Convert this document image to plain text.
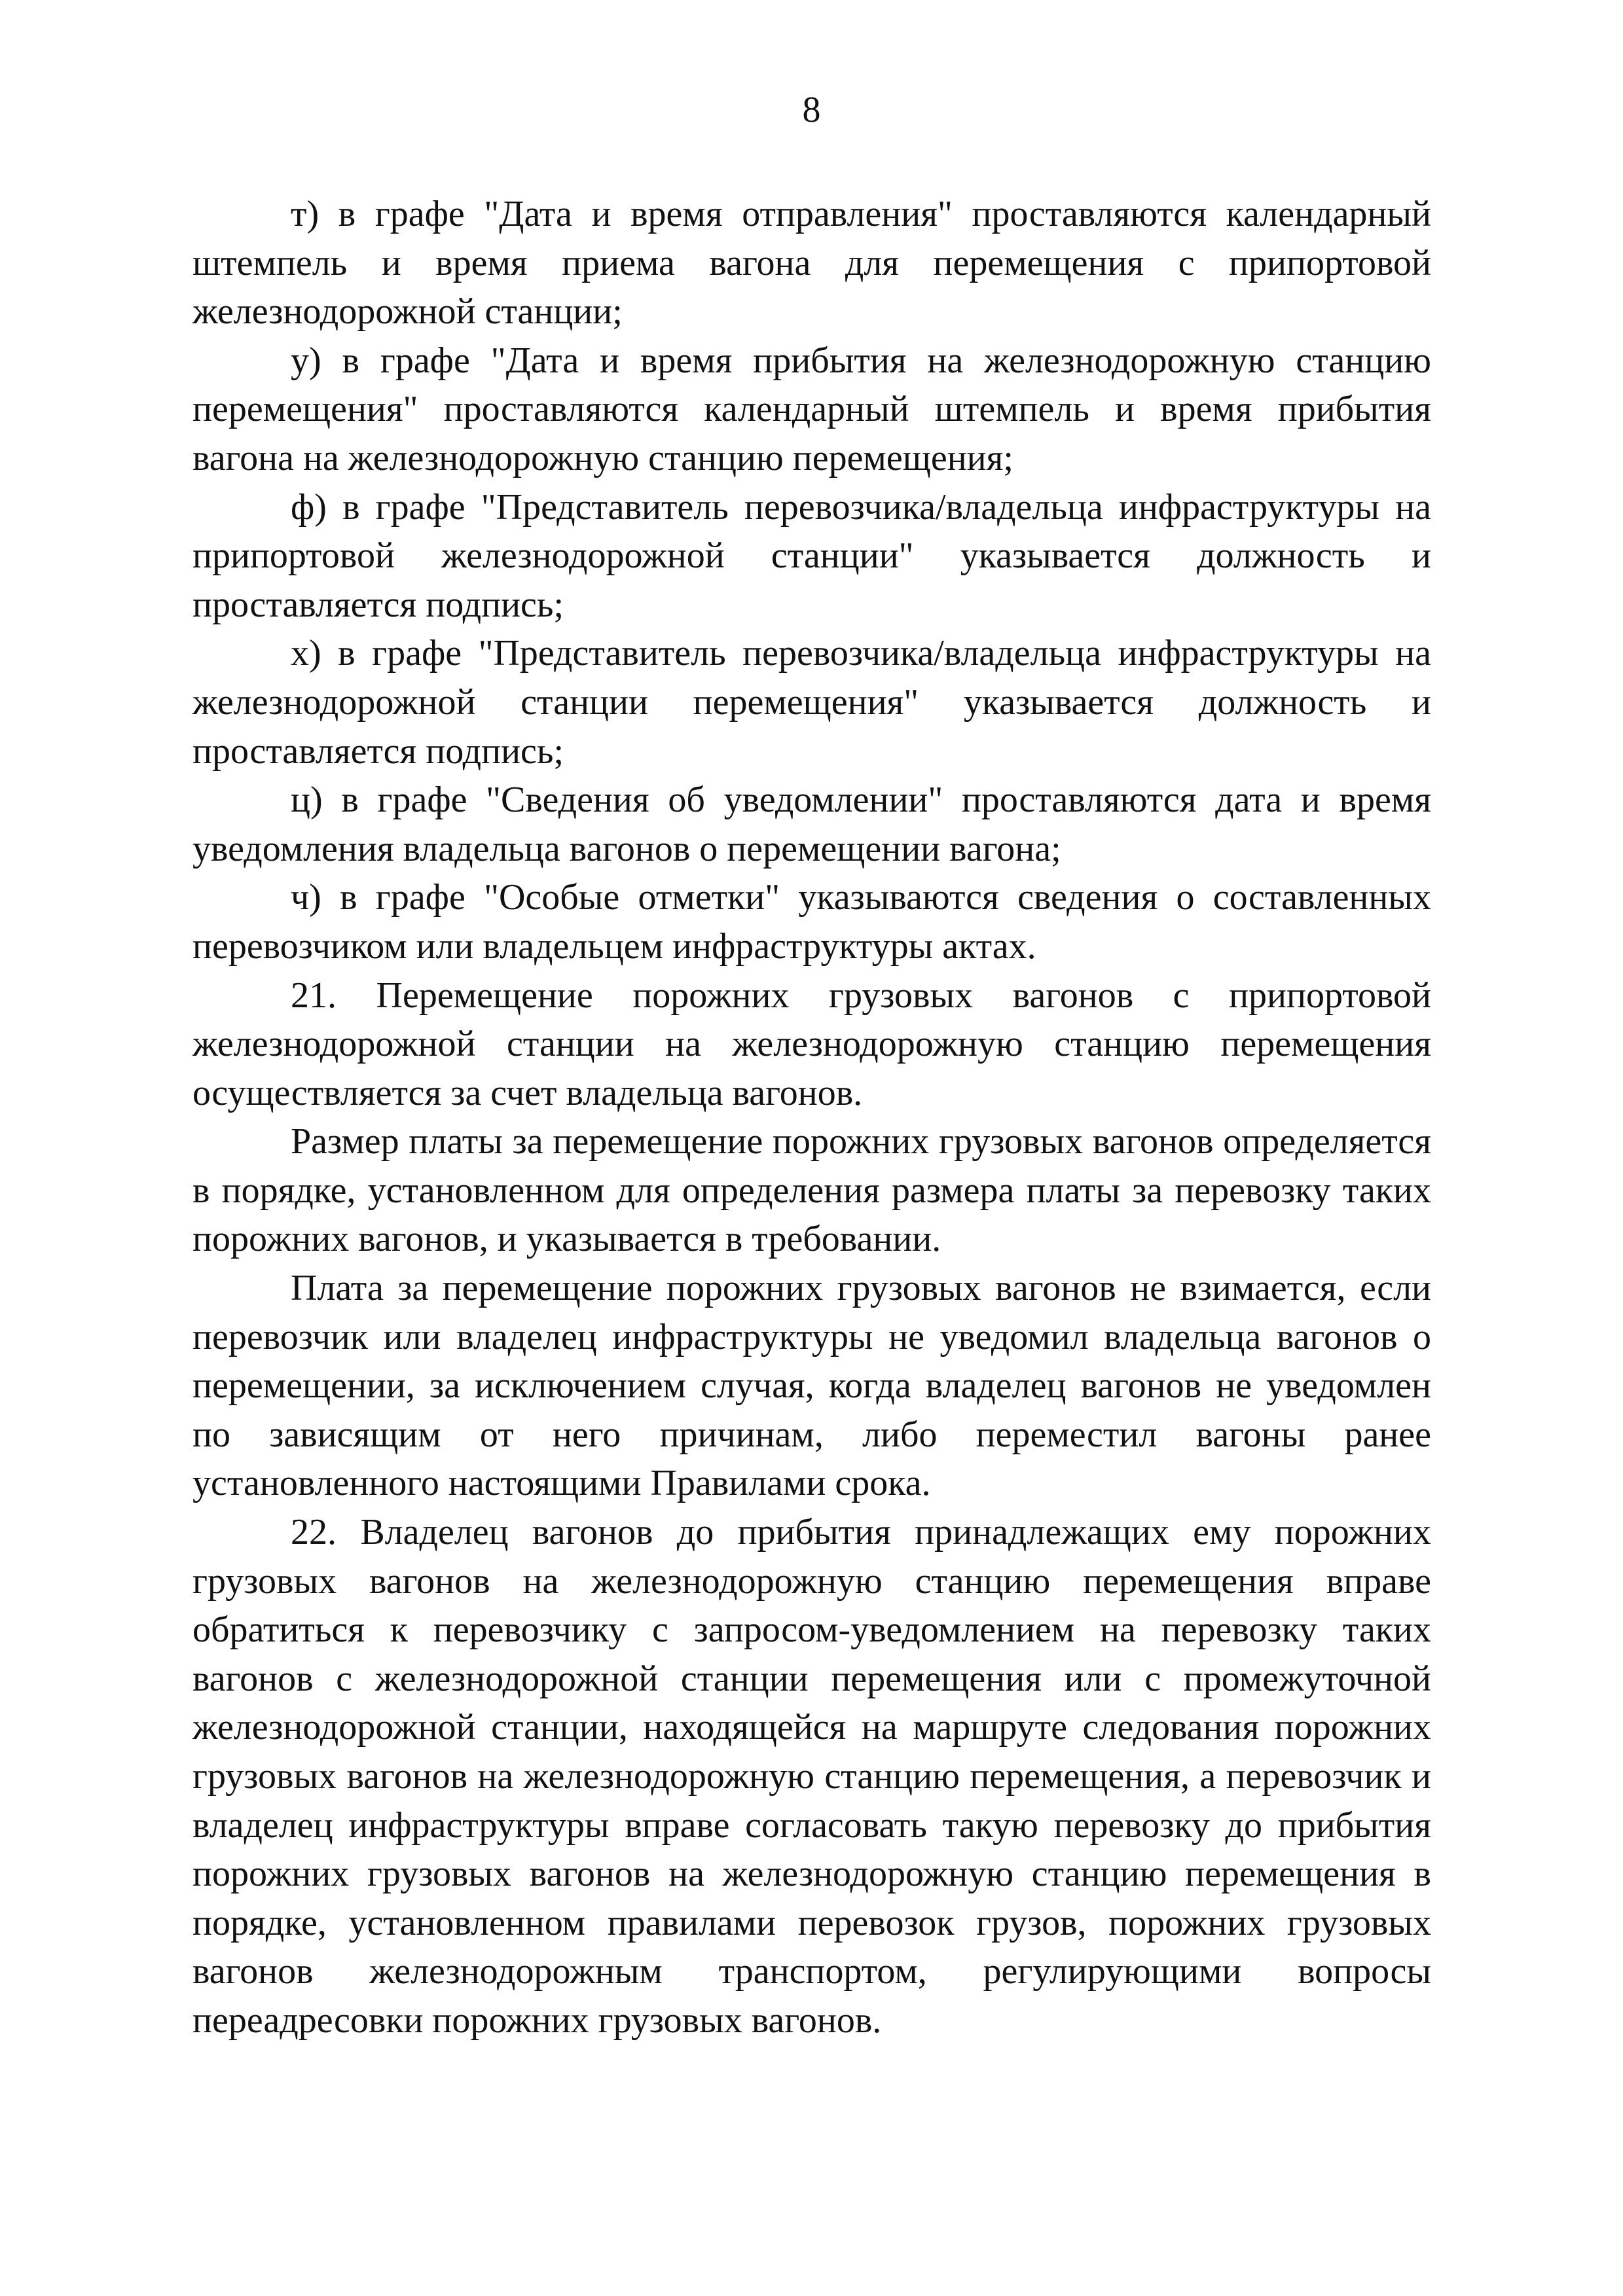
8

т) в графе "Дата и время отправления" проставляются календарный штемпель и время приема вагона для перемещения с припортовой железнодорожной станции;

у) в графе "Дата и время прибытия на железнодорожную станцию перемещения" проставляются календарный штемпель и время прибытия вагона на железнодорожную станцию перемещения;

ф) в графе "Представитель перевозчика/владельца инфраструктуры на припортовой железнодорожной станции" указывается должность и проставляется подпись;

х) в графе "Представитель перевозчика/владельца инфраструктуры на железнодорожной станции перемещения" указывается должность и проставляется подпись;

ц) в графе "Сведения об уведомлении" проставляются дата и время уведомления владельца вагонов о перемещении вагона;

ч) в графе "Особые отметки" указываются сведения о составленных перевозчиком или владельцем инфраструктуры актах.

21. Перемещение порожних грузовых вагонов с припортовой железнодорожной станции на железнодорожную станцию перемещения осуществляется за счет владельца вагонов.

Размер платы за перемещение порожних грузовых вагонов определяется в порядке, установленном для определения размера платы за перевозку таких порожних вагонов, и указывается в требовании.

Плата за перемещение порожних грузовых вагонов не взимается, если перевозчик или владелец инфраструктуры не уведомил владельца вагонов о перемещении, за исключением случая, когда владелец вагонов не уведомлен по зависящим от него причинам, либо переместил вагоны ранее установленного настоящими Правилами срока.

22. Владелец вагонов до прибытия принадлежащих ему порожних грузовых вагонов на железнодорожную станцию перемещения вправе обратиться к перевозчику с запросом-уведомлением на перевозку таких вагонов с железнодорожной станции перемещения или с промежуточной железнодорожной станции, находящейся на маршруте следования порожних грузовых вагонов на железнодорожную станцию перемещения, а перевозчик и владелец инфраструктуры вправе согласовать такую перевозку до прибытия порожних грузовых вагонов на железнодорожную станцию перемещения в порядке, установленном правилами перевозок грузов, порожних грузовых вагонов железнодорожным транспортом, регулирующими вопросы переадресовки порожних грузовых вагонов.
